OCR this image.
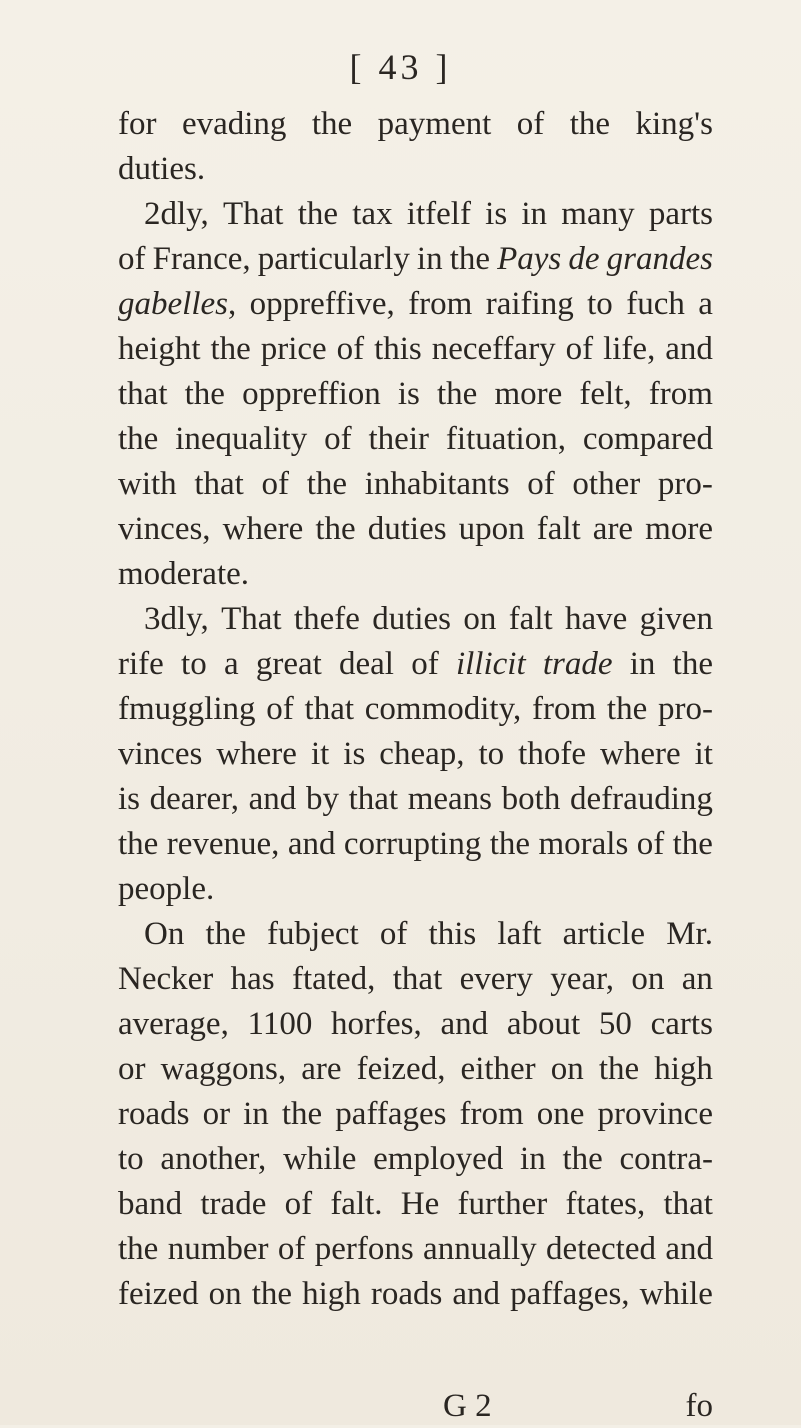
[ 43 ]
for evading the payment of the king's
duties.
2dly, That the tax itfelf is in many parts
of France, particularly in the Pays de grandes
gabelles, oppreffive, from raifing to fuch a
height the price of this neceffary of life, and
that the oppreffion is the more felt, from
the inequality of their fituation, compared
with that of the inhabitants of other pro-
vinces, where the duties upon falt are more
moderate.
3dly, That thefe duties on falt have given
rife to a great deal of illicit trade in the
fmuggling of that commodity, from the pro-
vinces where it is cheap, to thofe where it
is dearer, and by that means both defrauding
the revenue, and corrupting the morals of the
people.
On the fubject of this laft article Mr.
Necker has ftated, that every year, on an
average, 1100 horfes, and about 50 carts
or waggons, are feized, either on the high
roads or in the paffages from one province
to another, while employed in the contra-
band trade of falt. He further ftates, that
the number of perfons annually detected and
feized on the high roads and paffages, while
G 2	fo
